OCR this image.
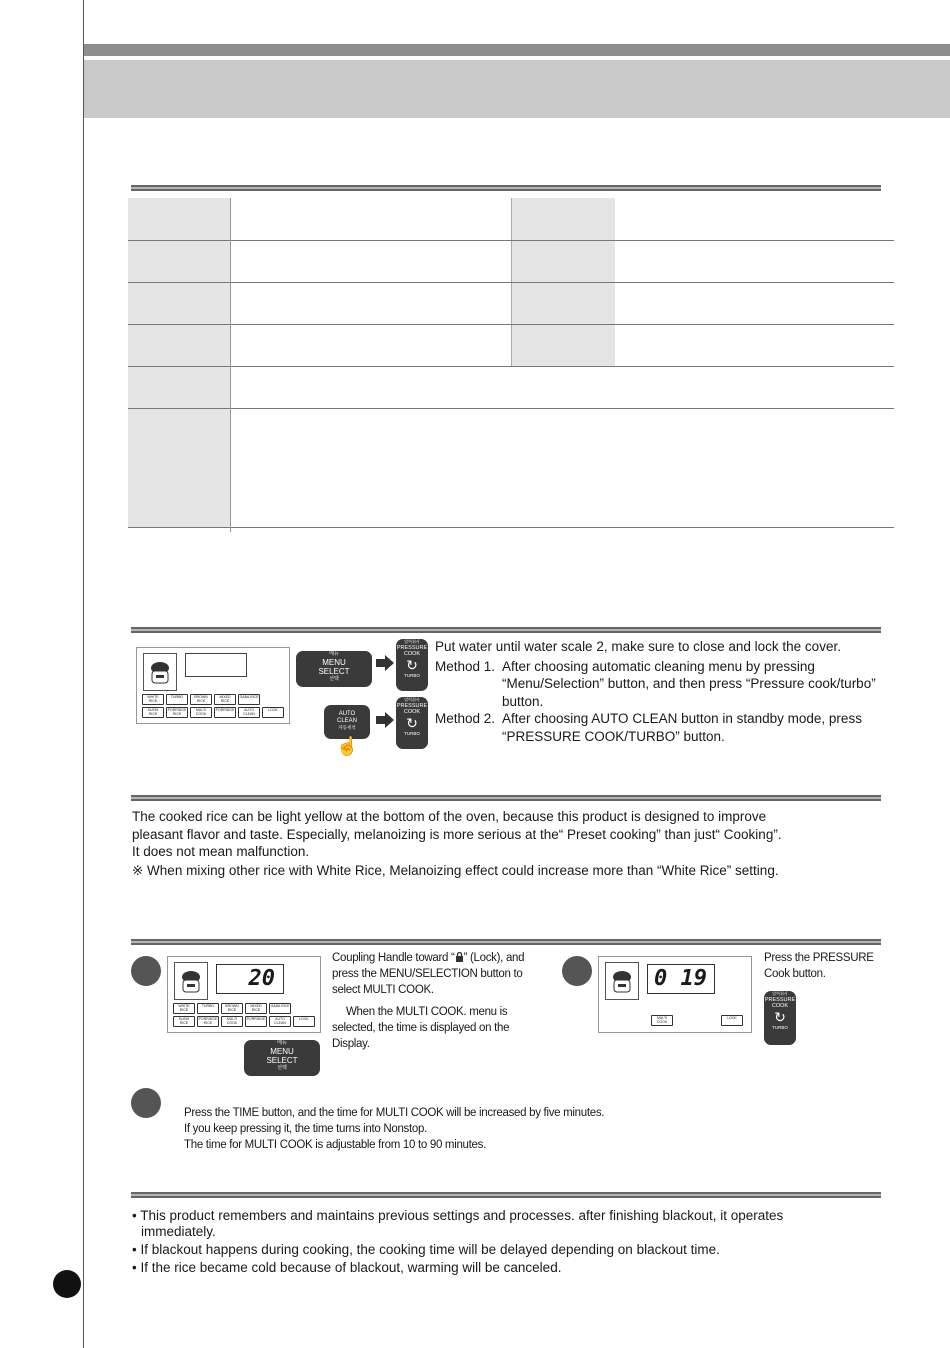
WHITE RICE
TURBO	BROWN RICE
MIXED RICE
GABA RICE
SUSHI RICE
PORRIDGE RICE
MULTI COOK
PORRIDGE	AUTO CLEAN
LOCK
메뉴
MENU
SELECT
선택
압력취사
PRESSURE
COOK
↻
TURBO
AUTO
CLEAN
자동세척
압력취사
PRESSURE
COOK
↻
TURBO
☝
Put water until water scale 2, make sure to close and lock the cover.
Method 1. After choosing automatic cleaning menu by pressing “Menu/Selection” button, and then press “Pressure cook/turbo” button.
Method 2. After choosing AUTO CLEAN button in standby mode, press “PRESSURE COOK/TURBO” button.
The cooked rice can be light yellow at the bottom of the oven, because this product is designed to improve
pleasant flavor and taste. Especially, melanoizing is more serious at the“ Preset cooking” than just“ Cooking”.
It does not mean malfunction.
※ When mixing other rice with White Rice, Melanoizing effect could increase more than “White Rice” setting.
20
WHITE RICE
TURBO	BROWN RICE
MIXED RICE
GABA RICE
SUSHI RICE
PORRIDGE RICE
MULTI COOK
PORRIDGE	AUTO CLEAN
LOCK
메뉴
MENU
SELECT
선택
Coupling Handle toward “ ” (Lock), and press the MENU/SELECTION button to select MULTI COOK.
When the MULTI COOK. menu is selected, the time is displayed on the Display.
0 19
MULTI COOK
LOCK
압력취사
PRESSURE
COOK
↻
TURBO
Press the PRESSURE Cook button.
Press the TIME button, and the time for MULTI COOK will be increased by five minutes.
If you keep pressing it, the time turns into Nonstop.
The time for MULTI COOK is adjustable from 10 to 90 minutes.
• This product remembers and maintains previous settings and processes. after finishing blackout, it operates
immediately.
• If blackout happens during cooking, the cooking time will be delayed depending on blackout time.
• If the rice became cold because of blackout, warming will be canceled.
